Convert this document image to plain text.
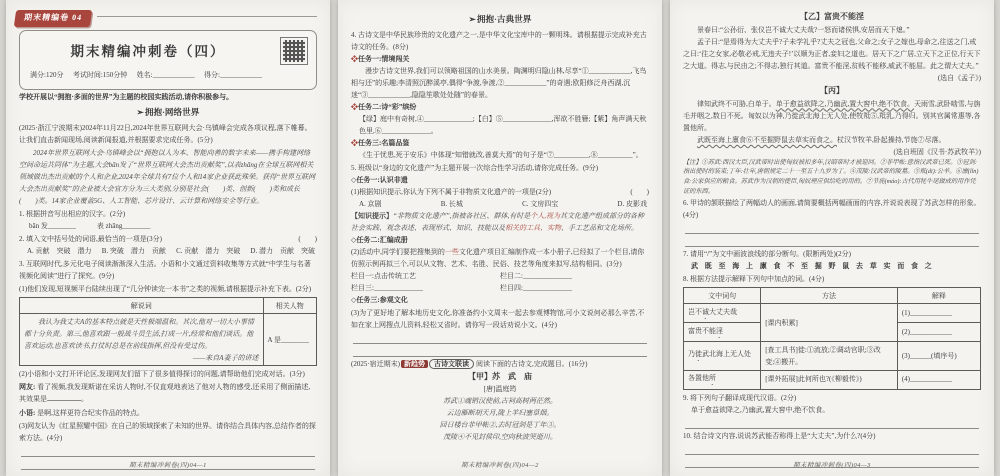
期末精编卷 04
期末精编冲刺卷（四）
满分:120分 考试时间:150分钟 姓名:____________ 得分:____________
学校开展以“拥抱·多面的世界”为主题的校园实践活动,请你积极参与。
➢拥抱·网络世界
(2025·浙江宁波期末)2024年11月22日,2024年世界互联网大会·乌镇峰会完成各项议程,落下帷幕。让我们直击新闻现场,阅读新闻报道,并根据要求完成任务。(5分)
2024年世界互联网大会·乌镇峰会以“拥抱以人为本、智能向善的数字未来——携手构建网络空间命运共同体”为主题,大会bān发了“世界互联网大会杰出贡献奖”,以表zhāng在全球互联网相关领域做出杰出贡献的个人和企业,2024年全球共有7位个人和14家企业获此殊荣。获得“世界互联网大会杰出贡献奖”的企业被大会官方分为三大类别,分别是社会(　　)类、创新(　　)类和成长(　　)类。14家企业覆盖5G、人工智能、芯片设计、云计算和网络安全等行业。
1. 根据拼音写出相应的汉字。(2分)
bān 发________　　　表 zhāng________
2. 填入文中括号处的词语,最恰当的一项是(3分)	(　　)
A. 贡献　突破　潜力 B. 突破　潜力　贡献 C. 贡献　潜力　突破 D. 潜力　贡献　突破
3. 互联网时代,多元化电子阅读渐渐深入生活。小语和小文通过资料收集等方式就“中学生与名著视频化阅读”进行了探究。(9分)
(1)他们发现,短视频平台陆续出现了“几分钟读完一本书”之类的视频,请根据提示补充下表。(2分)
解说词	相关人物

我认为我丈夫A的基本特点就是天性极端温和。其次,他对一切大小事情都十分负责。第三,他喜欢跟一般战斗员生活,打成一片,经常和他们谈话。他喜欢运动,也喜欢读书,打仗时总是在前线指挥,但没有受过伤。
——来自A妻子的讲述	A 是________
(2)小语和小文打开评论区,发现网友们留下了很多值得探讨的问题,请帮助他们完成对话。(3分)
网友: 看了视频,我发现斯诺在采访人物时,不仅直观地表达了他对人物的感受,还采用了侧面描述,其效果是	。
小语: 是啊,这样更符合纪实作品的特点。
(3)网友认为《红星照耀中国》在自己的领域探索了未知的世界。请你结合具体内容,总结作者的探索方法。(4分)
期末精编冲刺卷(四)04—1
➢拥抱·古典世界
4. 古诗文是中华民族珍贵的文化遗产之一,是中华文化宝库中的一颗明珠。请根据提示完成补充古诗文的任务。(8分)
❖任务一:情境闯关
漫步古诗文世界,我们可以领略祖国的山水美景。陶渊明归隐山林,尽享“①____________,飞鸟相与还”的乐趣;李清照沉醉溪亭,偶得“争渡,争渡,②____________”的奇遇;欧阳修泛舟西湖,沉迷“③____________,隐隐笙歌处处随”的春景。
❖任务二:诗“彩”缤纷
【绿】庭中有奇树,④______________;【白】⑤______________,浑欲不胜簪;【紫】角声满天秋色里,⑥______________。
❖任务三:名篇品鉴
《生于忧患,死于安乐》中体现“知错就改,善莫大焉”的句子是“⑦__________,⑧__________”。
5. 班级以“身边的文化遗产”为主题开展一次综合性学习活动,请你完成任务。(9分)
◇任务一:认识非遗
(1)根据知识提示,你认为下列不属于非物质文化遗产的一项是(2分)	(　　)
A. 京剧	B. 长城	C. 文房四宝	D. 皮影戏
【知识提示】“非物质文化遗产”,指被各社区、群体,有时是个人,视为其文化遗产组成部分的各种社会实践、观念表述、表现形式、知识、技能以及相关的工具、实物、手工艺品和文化场所。
◇任务二:汇编成册
(2)活动中,同学们要把搜集到的一些文化遗产项目汇编制作成一本小册子,已经拟了一个栏目,请你仿照示例再拟三个,可以从文物、艺术、名胜、民俗、技艺等角度来拟写,结构相同。(3分)
栏目一:点击传统工艺	栏目二:______________
栏目三:______________	栏目四:______________
◇任务三:参观文化
(3)为了更好地了解本地历史文化,你准备约小文周末一起去参观博物馆,可小文说何必那么辛苦,不如在家上网搜点儿资料,轻松又省时。请你写一段话劝说小文。(4分)
(2025·宿迁期末) 新趋势 古诗文联读 阅读下面的古诗文,完成题目。(16分)
【甲】苏　武　庙
[唐]温庭筠
苏武①魂销汉使前,古祠高树两茫然。
云边雁断胡天月,陇上羊归塞草烟。
回日楼台非甲帐②,去时冠剑是丁年③。
茂陵④不见封侯印,空向秋波哭逝川。
期末精编冲刺卷(四)04—2
【乙】富贵不能淫
景春曰:“公孙衍、张仪岂不诚大丈夫哉?一怒而诸侯惧,安居而天下熄。”
孟子曰:“是焉得为大丈夫乎?子未学礼乎?丈夫之冠也,父命之;女子之嫁也,母命之,往送之门,戒之曰:‘往之女家,必敬必戒,无违夫子!’以顺为正者,妾妇之道也。居天下之广居,立天下之正位,行天下之大道。得志,与民由之;不得志,独行其道。富贵不能淫,贫贱不能移,威武不能屈。此之谓大丈夫。”
(选自《孟子》)
【丙】
律知武终不可胁,白单于。单于愈益欲降之,乃幽武,置大窖中,绝不饮食。天雨雪,武卧啮雪,与旃毛并咽之,数日不死。匈奴以为神,乃徙武北海上无人处,使牧羝⑤,羝乳,乃得归。别其官属常惠等,各置他所。
武既至海上廪食⑥不至掘野鼠去草实而食之。杖汉节牧羊,卧起操持,节旄⑦尽落。
(选自班固《汉书·苏武牧羊》)
【注】①苏武:西汉大臣,汉武帝时出使匈奴被扣多年,汉昭帝时才被迎回。②非甲帐:意指汉武帝已死。③冠剑:指出使时的装束;丁年:壮年,唐朝规定二十一至五十九岁为丁。④茂陵:汉武帝的陵墓。⑤羝(dī):公羊。⑥廪(lǐn)食:公家供应的粮食。苏武作为汉朝的使臣,匈奴理应供给吃的用的。⑦节旄(máo):古代用牦牛尾做成的用作凭证的东西。
6. 甲诗的颔联描绘了两幅动人的画面,请简要概括两幅画面的内容,并说说表现了苏武怎样的形象。(4分)
7. 请用“/”为文中画波浪线的部分断句。(限断两处)(2分)
武 既 至 海 上 廪 食 不 至 掘 野 鼠 去 草 实 而 食 之
8. 根据方法提示解释下列句中加点的词。(4分)
文中词句	方法	解释
岂不诚大丈夫哉	[课内积累]	(1)____________
富贵不能淫		(2)____________
乃徙武北海上无人处	[查工具书]徙:①流放;②调动官职;③改变;④搬开。	(3)______(填序号)
各置他所	[课外拓展]此何所也?(《柳毅传》)	(4)____________
9. 将下列句子翻译成现代汉语。(2分)
单于愈益欲降之,乃幽武,置大窖中,绝不饮食。
10. 结合诗文内容,说说苏武能否称得上是“大丈夫”,为什么?(4分)
期末精编冲刺卷(四)04—3
